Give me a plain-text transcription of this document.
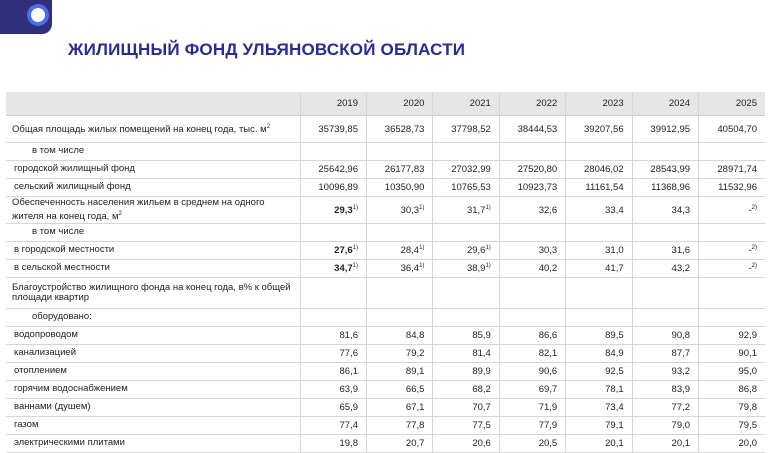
ЖИЛИЩНЫЙ ФОНД УЛЬЯНОВСКОЙ ОБЛАСТИ
	2019	2020	2021	2022	2023	2024	2025
Общая площадь жилых помещений на конец года, тыс. $м^2$	35739,85	36528,73	37798,52	38444,53	39207,56	39912,95	40504,70
в том числе							
городской жилищный фонд	25642,96	26177,83	27032,99	27520,80	28046,02	28543,99	28971,74
сельский жилищный фонд	10096,89	10350,90	10765,53	10923,73	11161,54	11368,96	11532,96
Обеспеченность населения жильем в среднем на одного жителя на конец года, $м^2$	29,3$^{1)}$	30,3$^{1)}$	31,7$^{1)}$	32,6	33,4	34,3	-$^{2)}$
в том числе							
в городской местности	27,6$^{1)}$	28,4$^{1)}$	29,6$^{1)}$	30,3	31,0	31,6	-$^{2)}$
в сельской местности	34,7$^{1)}$	36,4$^{1)}$	38,9$^{1)}$	40,2	41,7	43,2	-$^{2)}$
Благоустройство жилищного фонда на конец года, в% к общей площади квартир							
оборудовано:							
водопроводом	81,6	84,8	85,9	86,6	89,5	90,8	92,9
канализацией	77,6	79,2	81,4	82,1	84,9	87,7	90,1
отоплением	86,1	89,1	89,9	90,6	92,5	93,2	95,0
горячим водоснабжением	63,9	66,5	68,2	69,7	78,1	83,9	86,8
ваннами (душем)	65,9	67,1	70,7	71,9	73,4	77,2	79,8
газом	77,4	77,8	77,5	77,9	79,1	79,0	79,5
электрическими плитами	19,8	20,7	20,6	20,5	20,1	20,1	20,0
